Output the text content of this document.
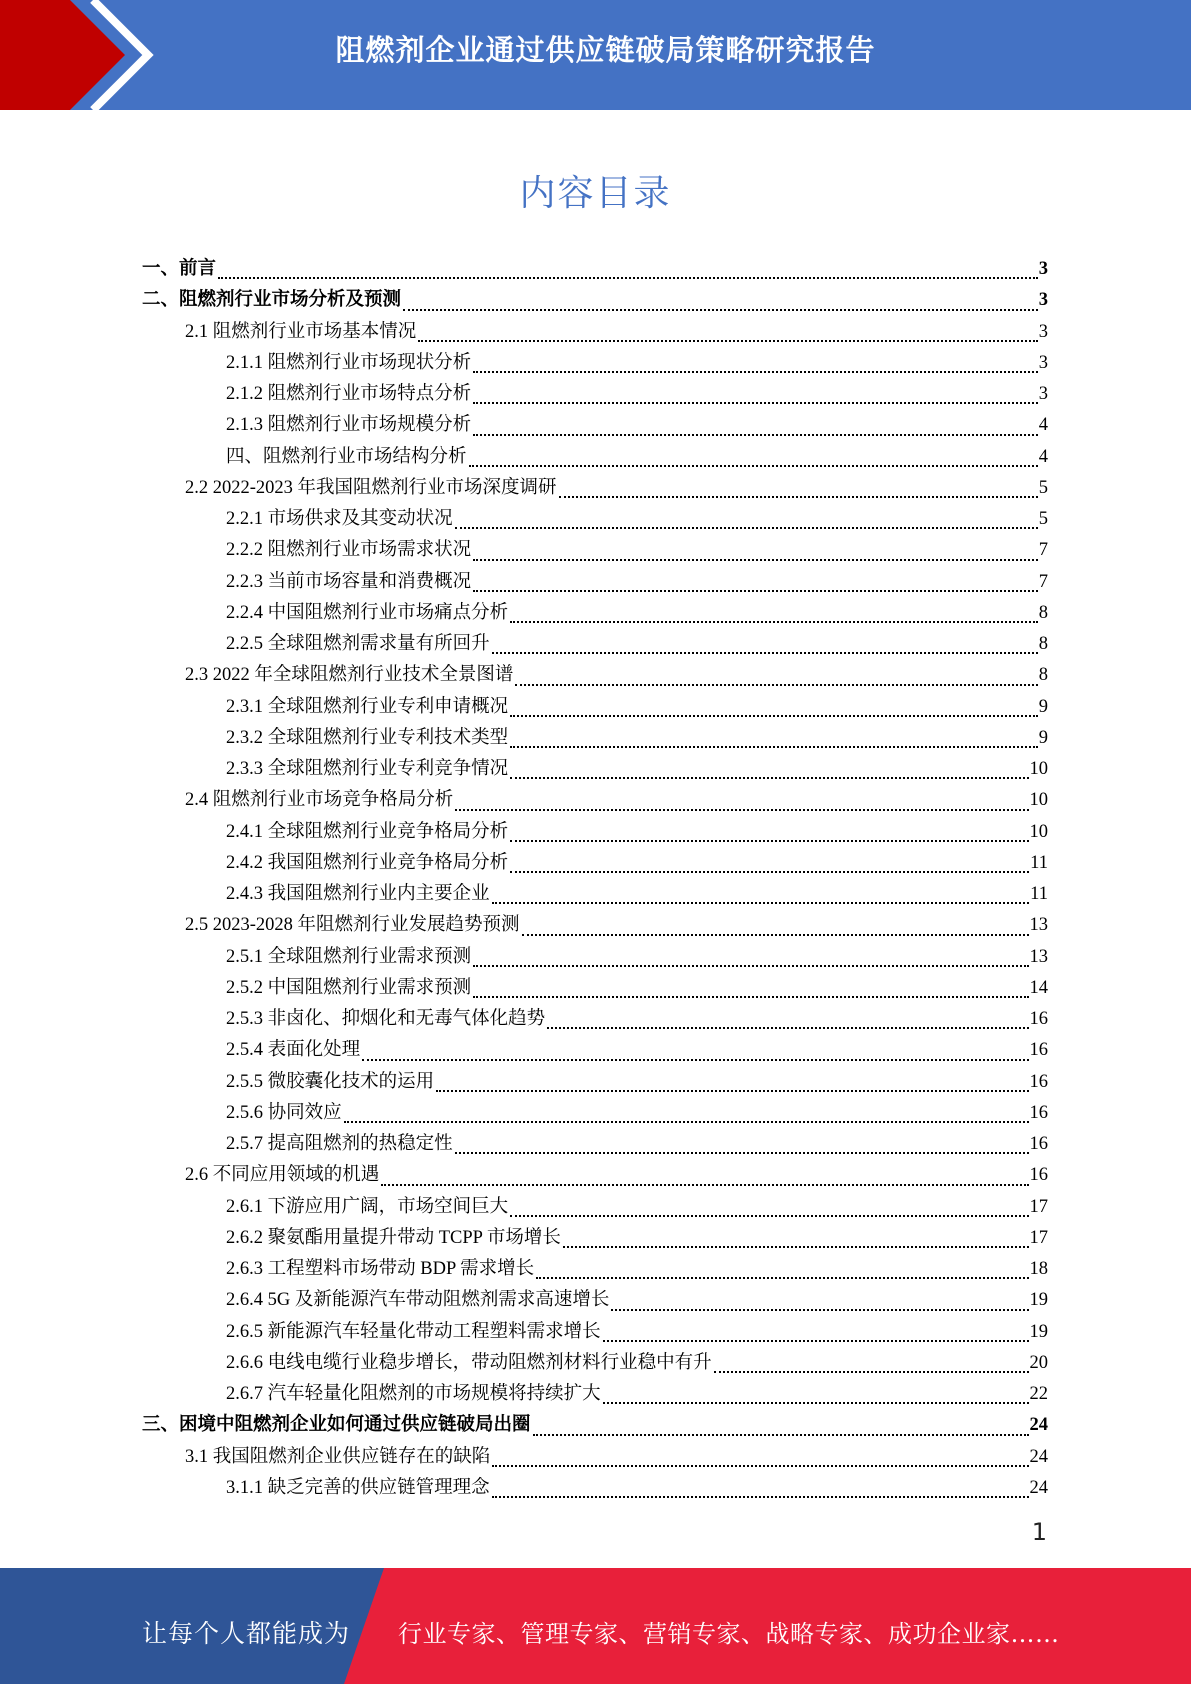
阻燃剂企业通过供应链破局策略研究报告
内容目录
一、前言	3
二、阻燃剂行业市场分析及预测	3
2.1 阻燃剂行业市场基本情况	3
2.1.1 阻燃剂行业市场现状分析	3
2.1.2 阻燃剂行业市场特点分析	3
2.1.3 阻燃剂行业市场规模分析	4
四、阻燃剂行业市场结构分析	4
2.2 2022-2023 年我国阻燃剂行业市场深度调研	5
2.2.1 市场供求及其变动状况	5
2.2.2 阻燃剂行业市场需求状况	7
2.2.3 当前市场容量和消费概况	7
2.2.4 中国阻燃剂行业市场痛点分析	8
2.2.5 全球阻燃剂需求量有所回升	8
2.3 2022 年全球阻燃剂行业技术全景图谱	8
2.3.1 全球阻燃剂行业专利申请概况	9
2.3.2 全球阻燃剂行业专利技术类型	9
2.3.3 全球阻燃剂行业专利竞争情况	10
2.4 阻燃剂行业市场竞争格局分析	10
2.4.1 全球阻燃剂行业竞争格局分析	10
2.4.2 我国阻燃剂行业竞争格局分析	11
2.4.3 我国阻燃剂行业内主要企业	11
2.5 2023-2028 年阻燃剂行业发展趋势预测	13
2.5.1 全球阻燃剂行业需求预测	13
2.5.2 中国阻燃剂行业需求预测	14
2.5.3 非卤化、抑烟化和无毒气体化趋势	16
2.5.4 表面化处理	16
2.5.5 微胶囊化技术的运用	16
2.5.6 协同效应	16
2.5.7 提高阻燃剂的热稳定性	16
2.6 不同应用领域的机遇	16
2.6.1 下游应用广阔，市场空间巨大	17
2.6.2 聚氨酯用量提升带动 TCPP 市场增长	17
2.6.3 工程塑料市场带动 BDP 需求增长	18
2.6.4 5G 及新能源汽车带动阻燃剂需求高速增长	19
2.6.5 新能源汽车轻量化带动工程塑料需求增长	19
2.6.6 电线电缆行业稳步增长，带动阻燃剂材料行业稳中有升	20
2.6.7 汽车轻量化阻燃剂的市场规模将持续扩大	22
三、困境中阻燃剂企业如何通过供应链破局出圈	24
3.1 我国阻燃剂企业供应链存在的缺陷	24
3.1.1 缺乏完善的供应链管理理念	24
1
让每个人都能成为 行业专家、管理专家、营销专家、战略专家、成功企业家……
